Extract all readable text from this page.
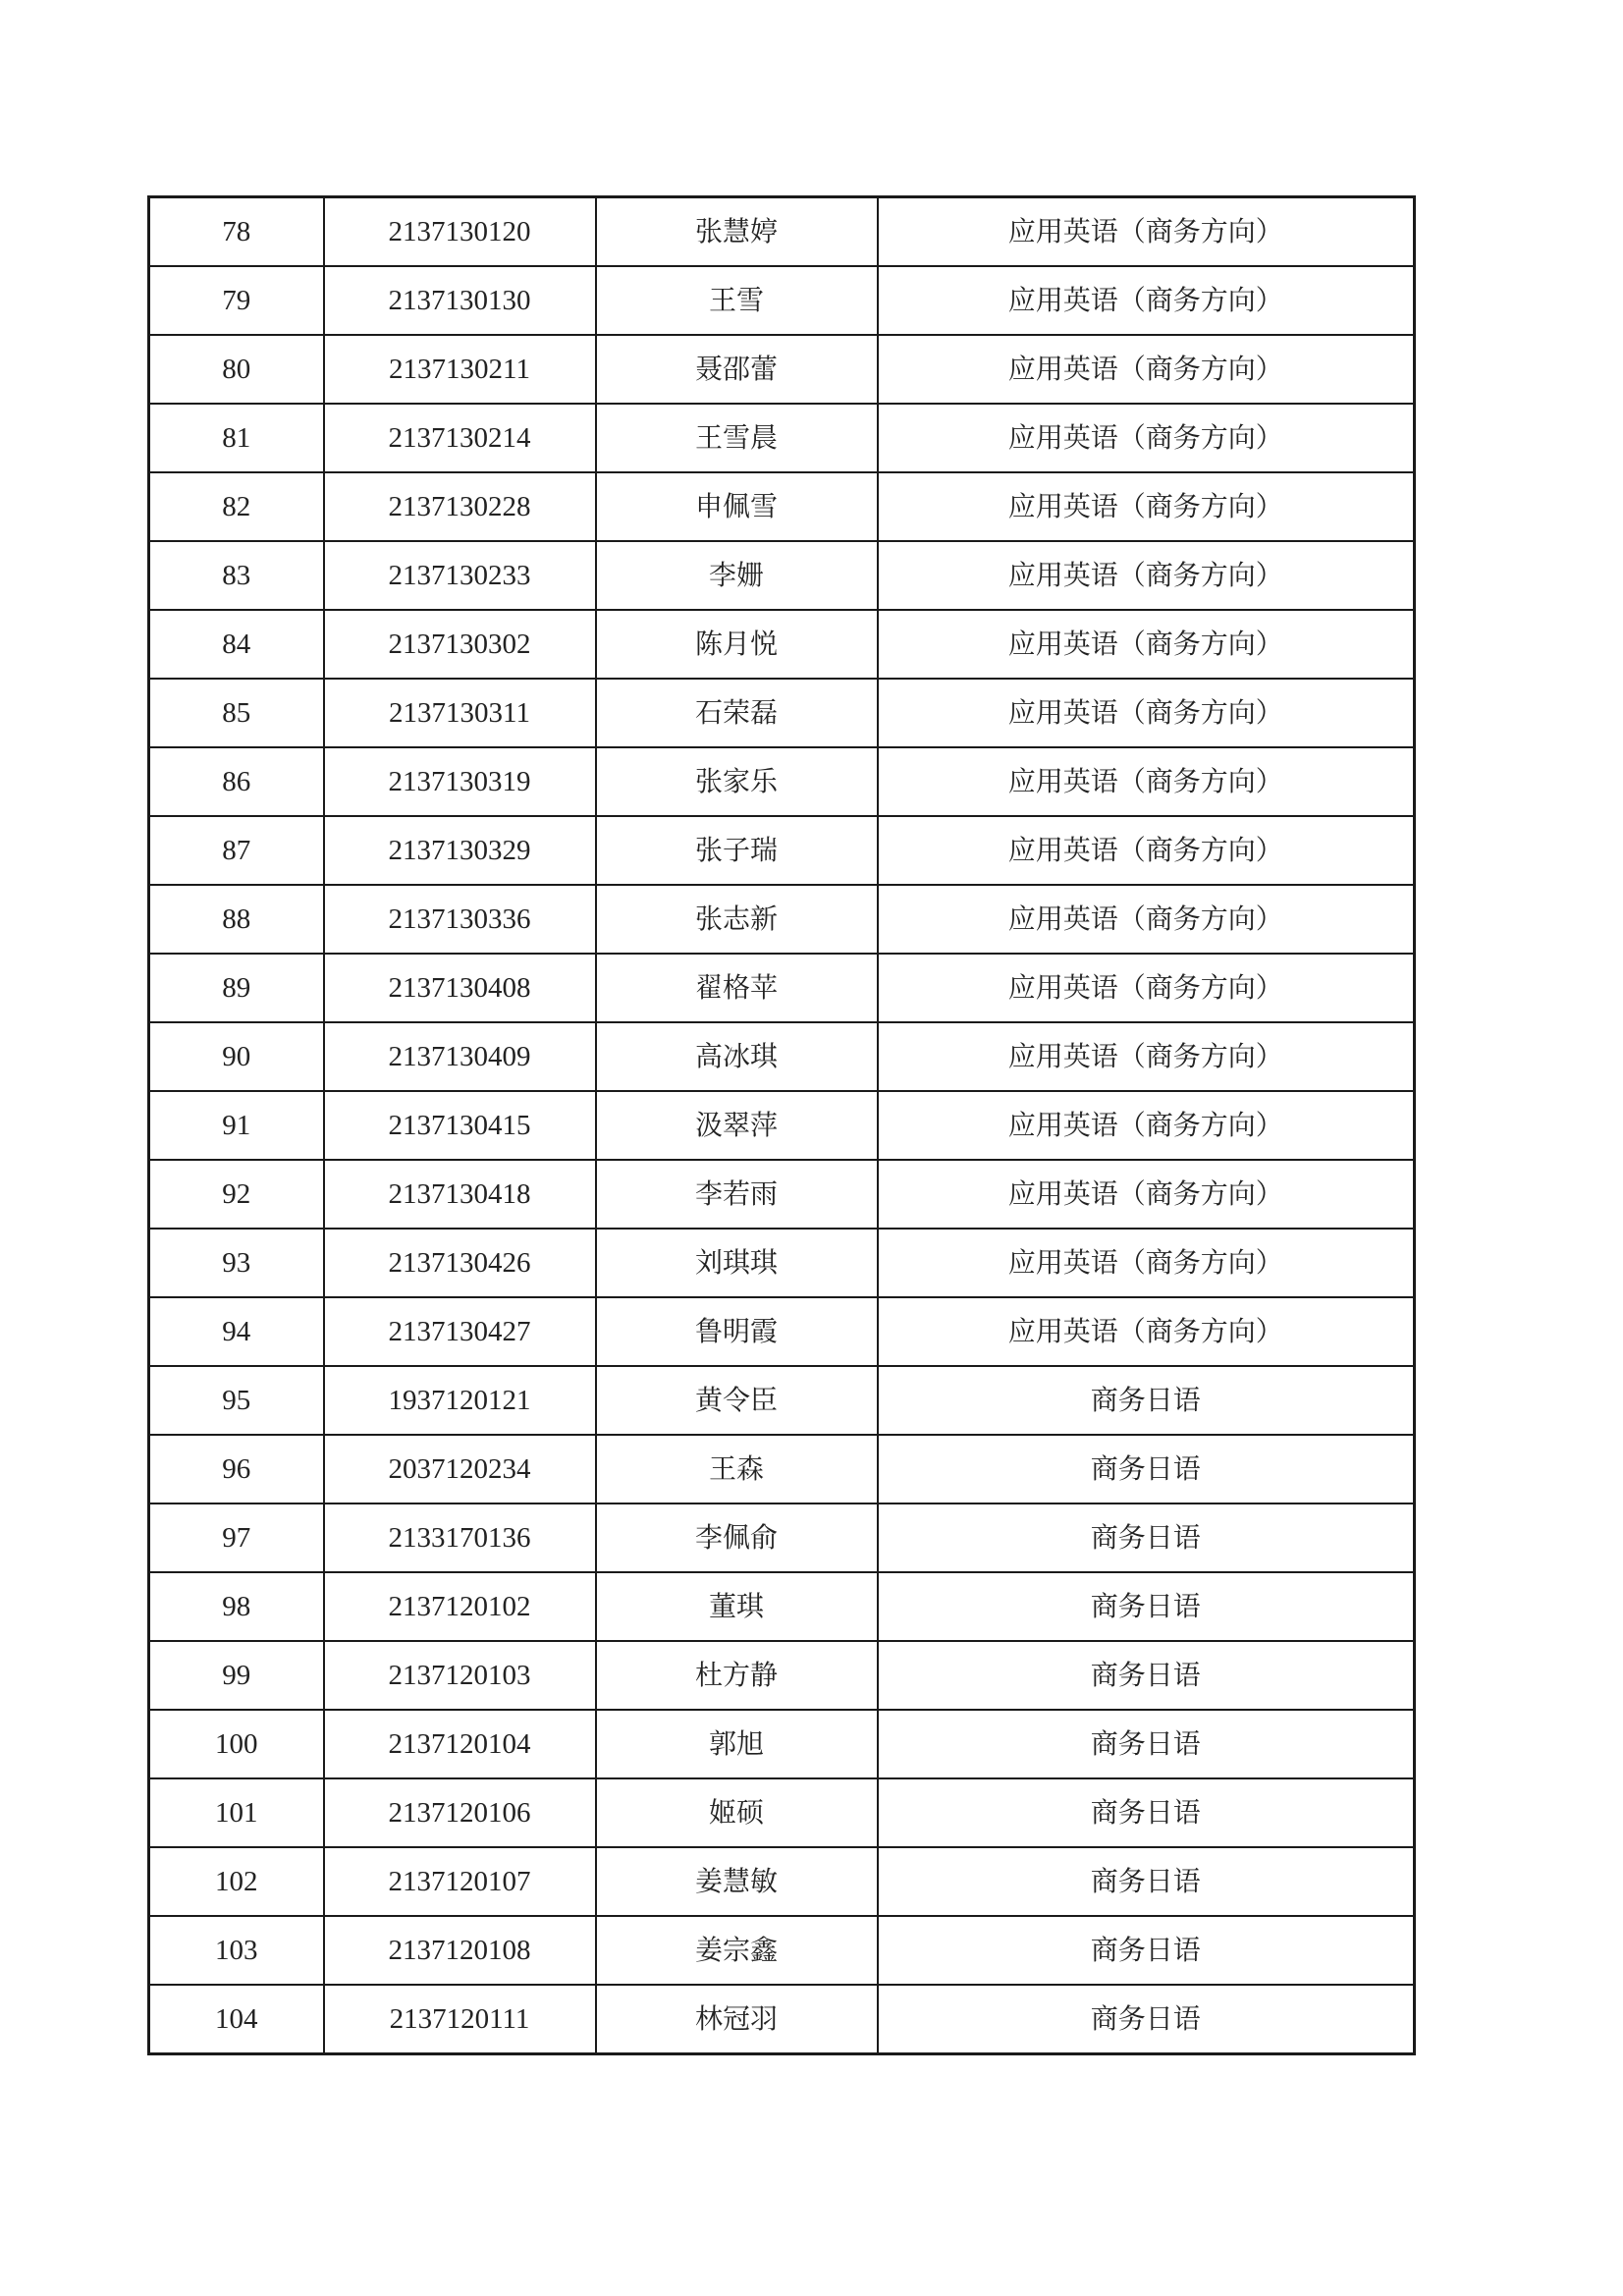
78	2137130120	张慧婷	应用英语（商务方向）
79	2137130130	王雪	应用英语（商务方向）
80	2137130211	聂邵蕾	应用英语（商务方向）
81	2137130214	王雪晨	应用英语（商务方向）
82	2137130228	申佩雪	应用英语（商务方向）
83	2137130233	李姗	应用英语（商务方向）
84	2137130302	陈月悦	应用英语（商务方向）
85	2137130311	石荣磊	应用英语（商务方向）
86	2137130319	张家乐	应用英语（商务方向）
87	2137130329	张子瑞	应用英语（商务方向）
88	2137130336	张志新	应用英语（商务方向）
89	2137130408	翟格苹	应用英语（商务方向）
90	2137130409	高冰琪	应用英语（商务方向）
91	2137130415	汲翠萍	应用英语（商务方向）
92	2137130418	李若雨	应用英语（商务方向）
93	2137130426	刘琪琪	应用英语（商务方向）
94	2137130427	鲁明霞	应用英语（商务方向）
95	1937120121	黄令臣	商务日语
96	2037120234	王森	商务日语
97	2133170136	李佩俞	商务日语
98	2137120102	董琪	商务日语
99	2137120103	杜方静	商务日语
100	2137120104	郭旭	商务日语
101	2137120106	姬硕	商务日语
102	2137120107	姜慧敏	商务日语
103	2137120108	姜宗鑫	商务日语
104	2137120111	林冠羽	商务日语
